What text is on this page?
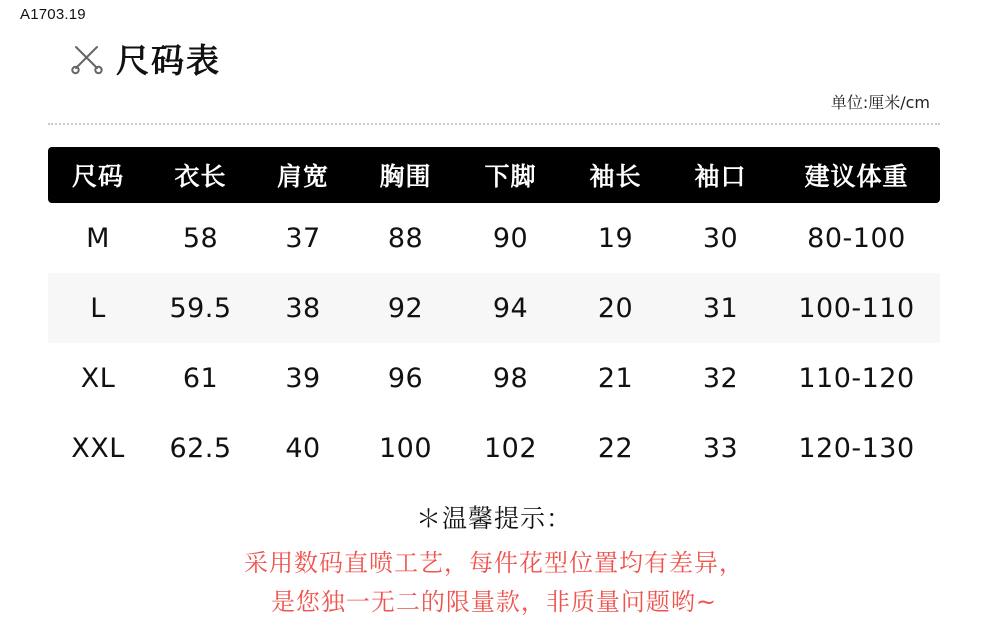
A1703.19
尺码表
单位:厘米/cm
尺码	衣长	肩宽	胸围	下脚	袖长	袖口	建议体重
M	58	37	88	90	19	30	80-100
L	59.5	38	92	94	20	31	100-110
XL	61	39	96	98	21	32	110-120
XXL	62.5	40	100	102	22	33	120-130
＊温馨提示：
采用数码直喷工艺，每件花型位置均有差异，
是您独一无二的限量款，非质量问题哟~
